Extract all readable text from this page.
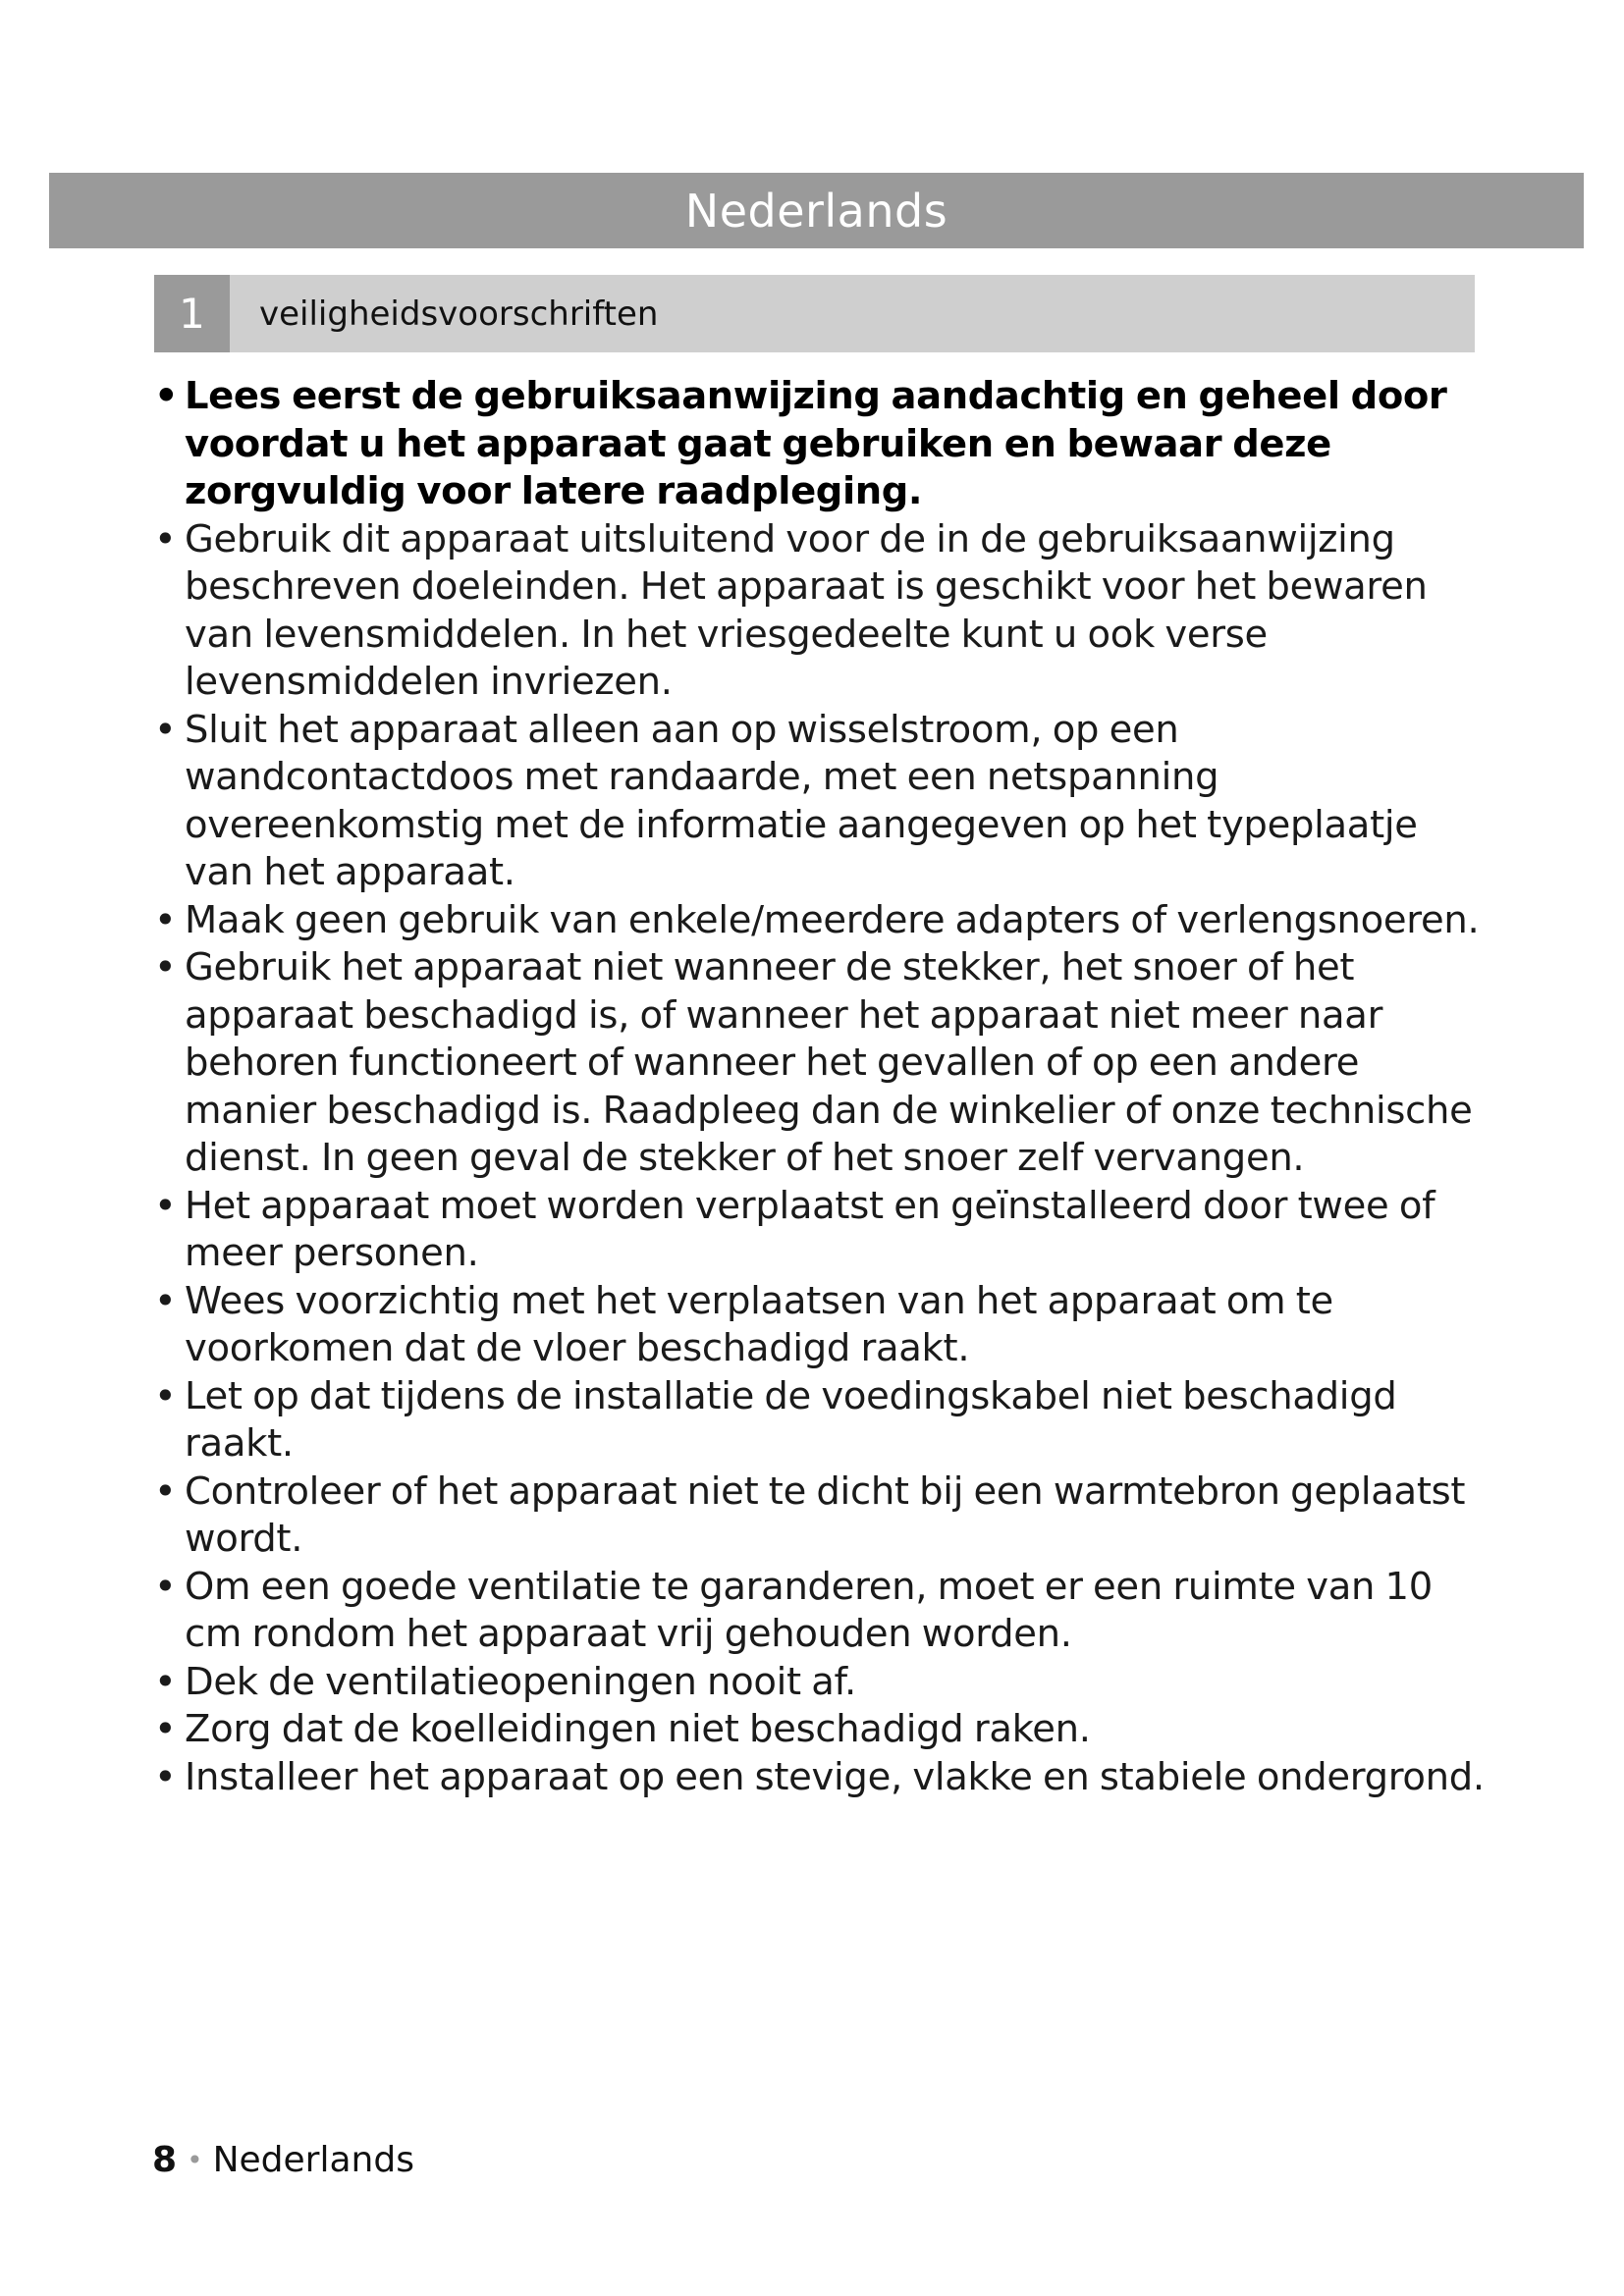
Nederlands
1	veiligheidsvoorschriften
• Lees eerst de gebruiksaanwijzing aandachtig en geheel door voordat u het apparaat gaat gebruiken en bewaar deze zorgvuldig voor latere raadpleging.
• Gebruik dit apparaat uitsluitend voor de in de gebruiksaanwijzing beschreven doeleinden. Het apparaat is geschikt voor het bewaren van levensmiddelen. In het vriesgedeelte kunt u ook verse levensmiddelen invriezen.
• Sluit het apparaat alleen aan op wisselstroom, op een wandcontactdoos met randaarde, met een netspanning overeenkomstig met de informatie aangegeven op het typeplaatje van het apparaat.
• Maak geen gebruik van enkele/meerdere adapters of verlengsnoeren.
• Gebruik het apparaat niet wanneer de stekker, het snoer of het apparaat beschadigd is, of wanneer het apparaat niet meer naar behoren functioneert of wanneer het gevallen of op een andere manier beschadigd is. Raadpleeg dan de winkelier of onze technische dienst. In geen geval de stekker of het snoer zelf vervangen.
• Het apparaat moet worden verplaatst en geïnstalleerd door twee of meer personen.
• Wees voorzichtig met het verplaatsen van het apparaat om te voorkomen dat de vloer beschadigd raakt.
• Let op dat tijdens de installatie de voedingskabel niet beschadigd raakt.
• Controleer of het apparaat niet te dicht bij een warmtebron geplaatst wordt.
• Om een goede ventilatie te garanderen, moet er een ruimte van 10 cm rondom het apparaat vrij gehouden worden.
• Dek de ventilatieopeningen nooit af.
• Zorg dat de koelleidingen niet beschadigd raken.
• Installeer het apparaat op een stevige, vlakke en stabiele ondergrond.
8 • Nederlands
